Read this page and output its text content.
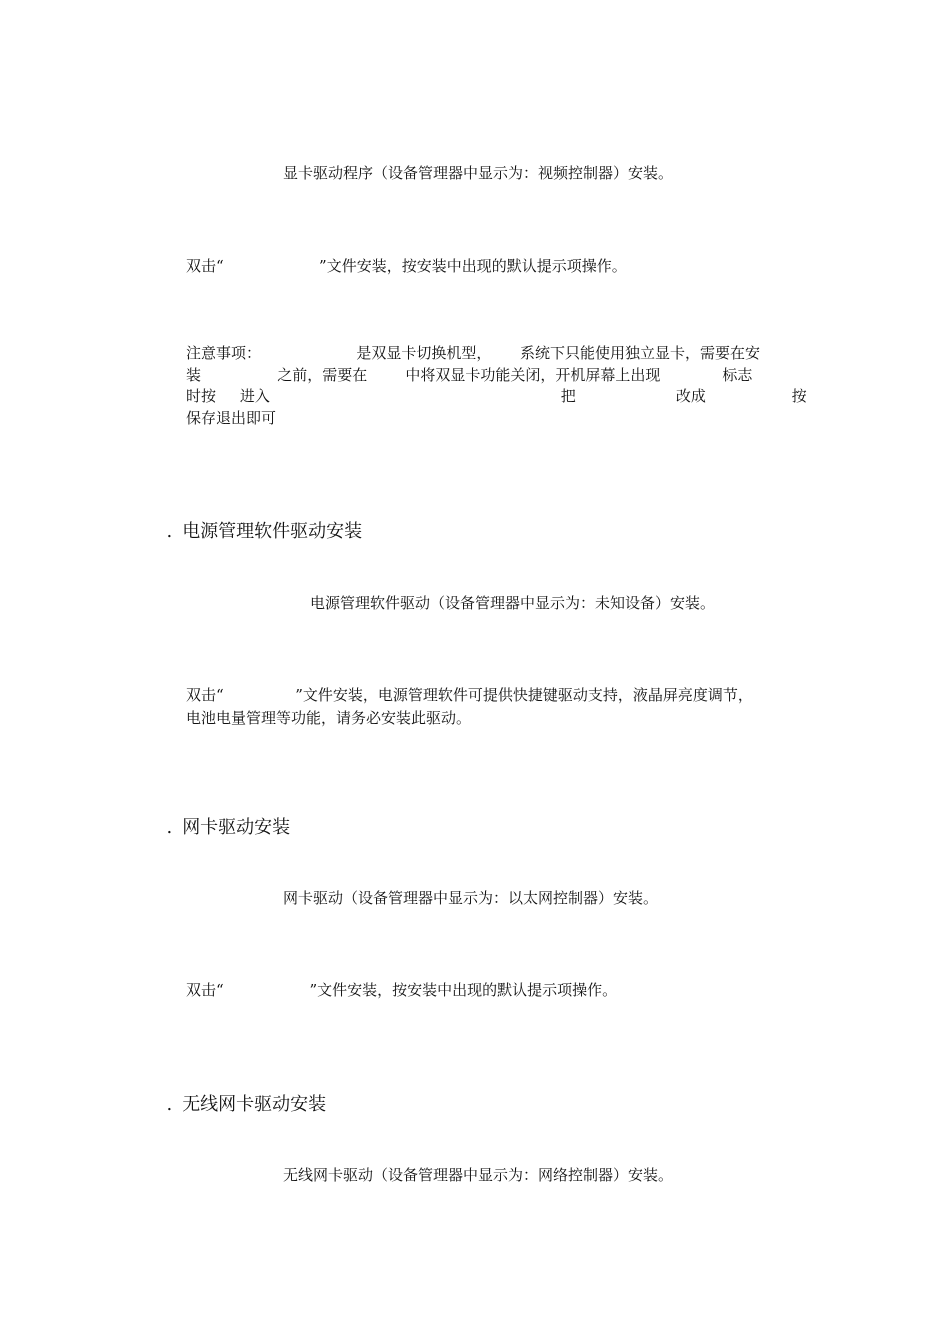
显卡驱动程序（设备管理器中显示为：视频控制器）安装。
双击“                    ”文件安装，按安装中出现的默认提示项操作。
注意事项：                    是双显卡切换机型，      系统下只能使用独立显卡，需要在安
装                之前，需要在        中将双显卡功能关闭，开机屏幕上出现             标志
时按     进入                                                             把                     改成                  按
保存退出即可

. 电源管理软件驱动安装

电源管理软件驱动（设备管理器中显示为：未知设备）安装。
双击“               ”文件安装，电源管理软件可提供快捷键驱动支持，液晶屏亮度调节，
电池电量管理等功能，请务必安装此驱动。

. 网卡驱动安装

网卡驱动（设备管理器中显示为：以太网控制器）安装。
双击“                  ”文件安装，按安装中出现的默认提示项操作。

. 无线网卡驱动安装

无线网卡驱动（设备管理器中显示为：网络控制器）安装。
